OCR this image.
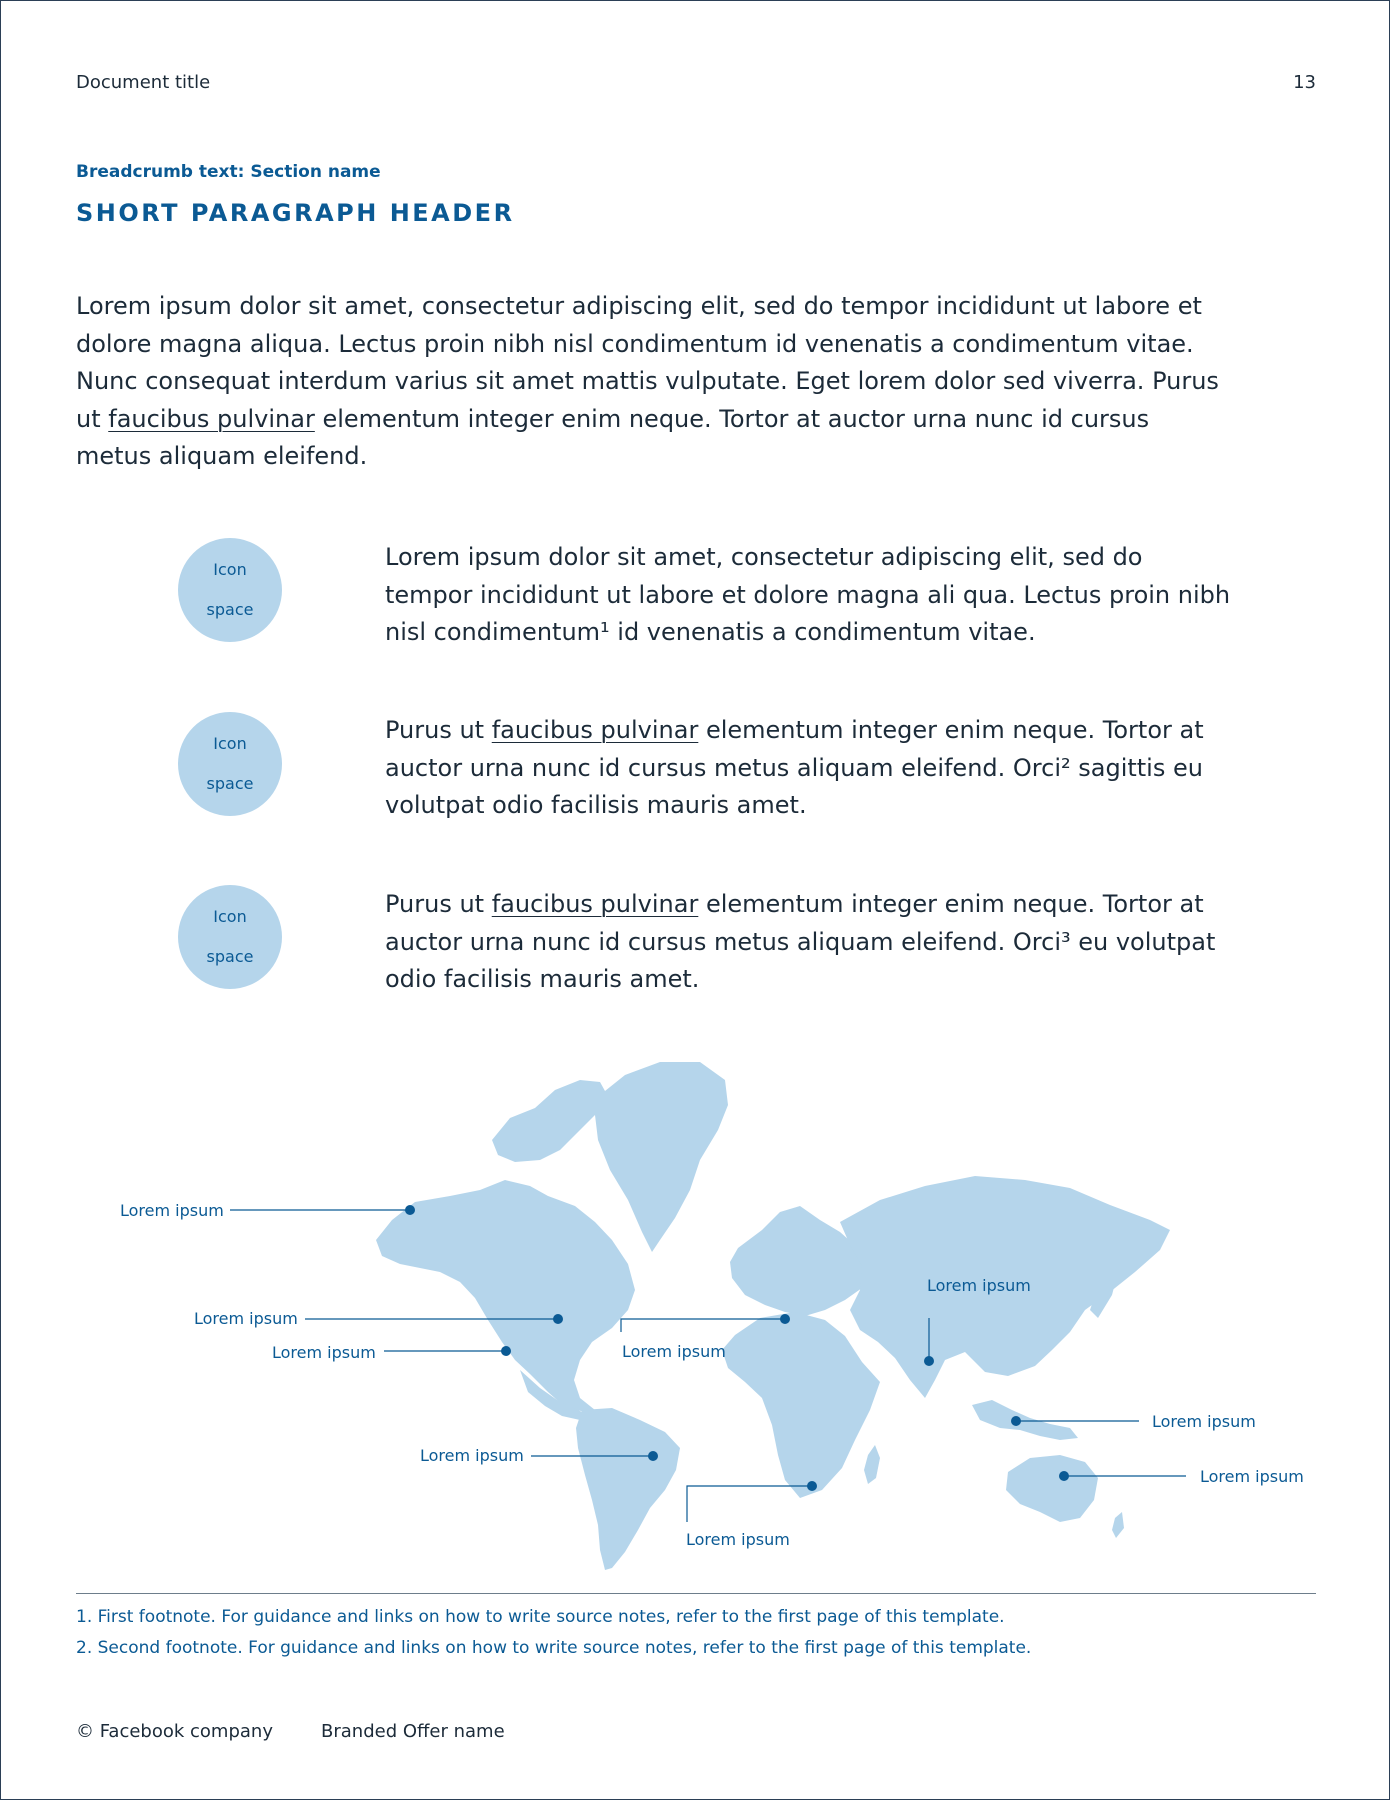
Document title	13
Breadcrumb text: Section name
SHORT PARAGRAPH HEADER

Lorem ipsum dolor sit amet, consectetur adipiscing elit, sed do tempor incididunt ut labore et dolore magna aliqua. Lectus proin nibh nisl condimentum id venenatis a condimentum vitae. Nunc consequat interdum varius sit amet mattis vulputate. Eget lorem dolor sed viverra. Purus ut faucibus pulvinar elementum integer enim neque. Tortor at auctor urna nunc id cursus metus aliquam eleifend.

Icon

space

Lorem ipsum dolor sit amet, consectetur adipiscing elit, sed do tempor incididunt ut labore et dolore magna ali qua. Lectus proin nibh nisl condimentum¹ id venenatis a condimentum vitae.

Icon

space

Purus ut faucibus pulvinar elementum integer enim neque. Tortor at auctor urna nunc id cursus metus aliquam eleifend. Orci² sagittis eu volutpat odio facilisis mauris amet.

Icon

space

Purus ut faucibus pulvinar elementum integer enim neque. Tortor at auctor urna nunc id cursus metus aliquam eleifend. Orci³ eu volutpat odio facilisis mauris amet.

Lorem ipsum
Lorem ipsum
Lorem ipsum
Lorem ipsum
Lorem ipsum
Lorem ipsum
Lorem ipsum
Lorem ipsum
Lorem ipsum
1. First footnote. For guidance and links on how to write source notes, refer to the first page of this template.
2. Second footnote. For guidance and links on how to write source notes, refer to the first page of this template.
© Facebook company	Branded Offer name
